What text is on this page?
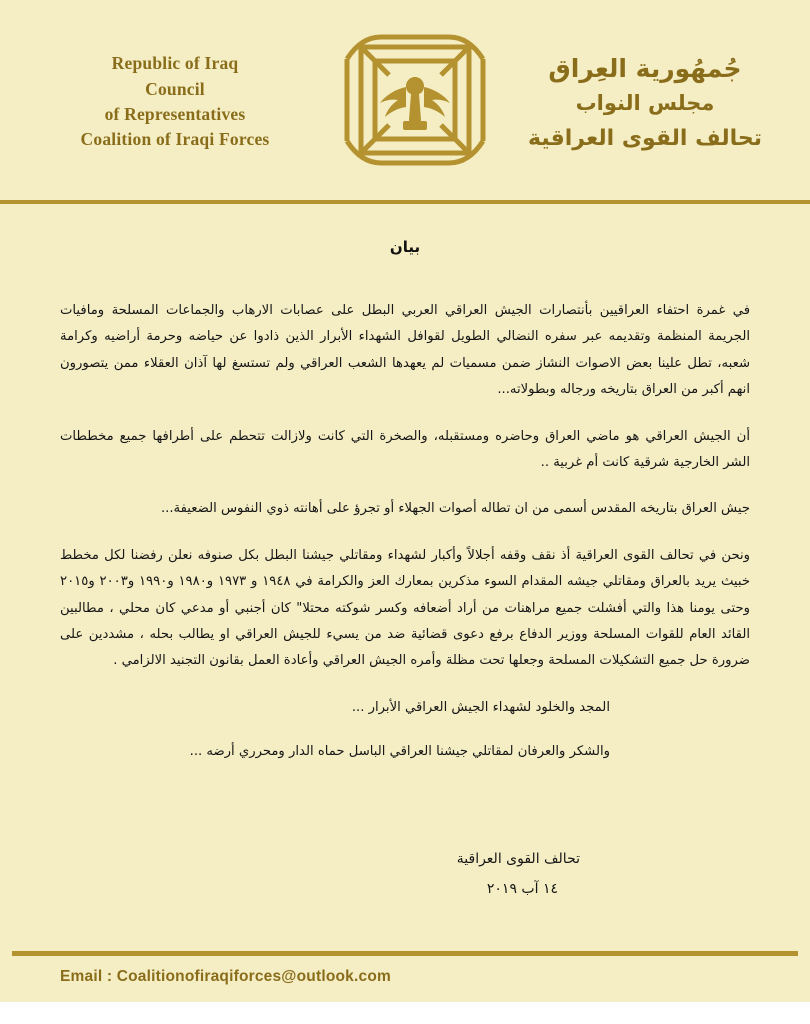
Republic of Iraq
Council
of Representatives
Coalition of Iraqi Forces
جُمهُورية العِراق
مجلس النواب
تحالف القوى العراقية
بيان

في غمرة احتفاء العراقيين بأنتصارات الجيش العراقي العربي البطل على عصابات الارهاب والجماعات المسلحة ومافيات الجريمة المنظمة وتقديمه عبر سفره النضالي الطويل لقوافل الشهداء الأبرار الذين ذادوا عن حياضه وحرمة أراضيه وكرامة شعبه، تطل علينا بعض الاصوات النشاز ضمن مسميات لم يعهدها الشعب العراقي ولم تستسغ لها آذان العقلاء ممن يتصورون انهم أكبر من العراق بتاريخه ورجاله وبطولاته...

أن الجيش العراقي هو ماضي العراق وحاضره ومستقبله، والصخرة التي كانت ولازالت تتحطم على أطرافها جميع مخططات الشر الخارجية شرقية كانت أم غربية ..

جيش العراق بتاريخه المقدس أسمى من ان تطاله أصوات الجهلاء أو تجرؤ على أهانته ذوي النفوس الضعيفة...

ونحن في تحالف القوى العراقية أذ نقف وقفه أجلالاً وأكبار لشهداء ومقاتلي جيشنا البطل بكل صنوفه نعلن رفضنا لكل مخطط خبيث يريد بالعراق ومقاتلي جيشه المقدام السوء مذكرين بمعارك العز والكرامة في ١٩٤٨ و ١٩٧٣ و١٩٨٠ و١٩٩٠ و٢٠٠٣ و٢٠١٥ وحتى يومنا هذا والتي أفشلت جميع مراهنات من أراد أضعافه وكسر شوكته محتلا" كان أجنبي أو مدعي كان محلي ، مطالبين القائد العام للقوات المسلحة ووزير الدفاع برفع دعوى قضائية ضد من يسيء للجيش العراقي او يطالب بحله ، مشددين على ضرورة حل جميع التشكيلات المسلحة وجعلها تحت مظلة وأمره الجيش العراقي وأعادة العمل بقانون التجنيد الالزامي .

المجد والخلود لشهداء الجيش العراقي الأبرار ...

والشكر والعرفان لمقاتلي جيشنا العراقي الباسل حماه الدار ومحرري أرضه ...

تحالف القوى العراقية
١٤ آب ٢٠١٩
Email : Coalitionofiraqiforces@outlook.com
